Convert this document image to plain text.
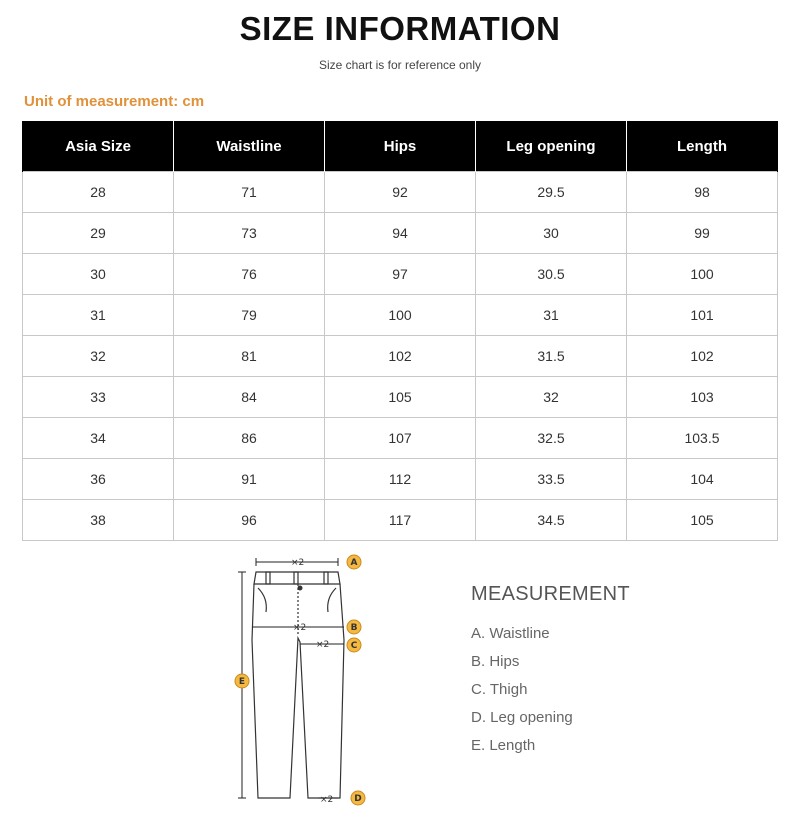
SIZE INFORMATION
Size chart is for reference only
Unit of measurement: cm
Asia Size	Waistline	Hips	Leg opening	Length
28	71	92	29.5	98
29	73	94	30	99
30	76	97	30.5	100
31	79	100	31	101
32	81	102	31.5	102
33	84	105	32	103
34	86	107	32.5	103.5
36	91	112	33.5	104
38	96	117	34.5	105
×2
×2
×2
×2
A
B
C
D
E
MEASUREMENT
A. Waistline
B. Hips
C. Thigh
D. Leg opening
E. Length
